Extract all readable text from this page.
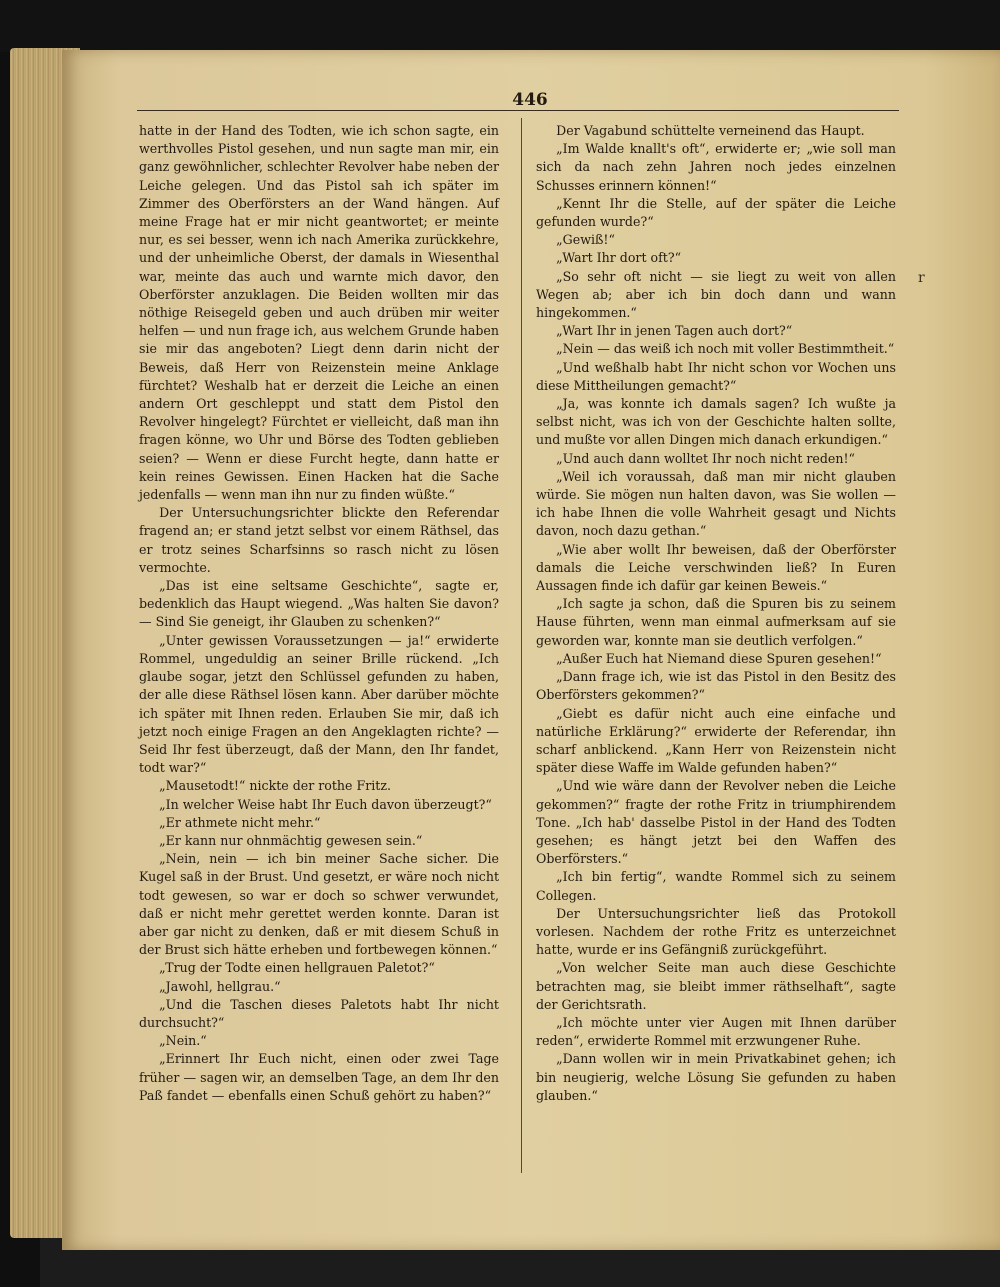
446
r

hatte in der Hand des Todten, wie ich schon sagte, ein werthvolles Pistol gesehen, und nun sagte man mir, ein ganz gewöhnlicher, schlechter Revolver habe neben der Leiche gelegen. Und das Pistol sah ich später im Zimmer des Oberförsters an der Wand hängen. Auf meine Frage hat er mir nicht geantwortet; er meinte nur, es sei besser, wenn ich nach Amerika zurückkehre, und der unheimliche Oberst, der damals in Wiesenthal war, meinte das auch und warnte mich davor, den Oberförster anzuklagen. Die Beiden wollten mir das nöthige Reisegeld geben und auch drüben mir weiter helfen — und nun frage ich, aus welchem Grunde haben sie mir das angeboten? Liegt denn darin nicht der Beweis, daß Herr von Reizenstein meine Anklage fürchtet? Weshalb hat er derzeit die Leiche an einen andern Ort geschleppt und statt dem Pistol den Revolver hingelegt? Fürchtet er vielleicht, daß man ihn fragen könne, wo Uhr und Börse des Todten geblieben seien? — Wenn er diese Furcht hegte, dann hatte er kein reines Gewissen. Einen Hacken hat die Sache jedenfalls — wenn man ihn nur zu finden wüßte.“

Der Untersuchungsrichter blickte den Referendar fragend an; er stand jetzt selbst vor einem Räthsel, das er trotz seines Scharfsinns so rasch nicht zu lösen vermochte.

„Das ist eine seltsame Geschichte“, sagte er, bedenklich das Haupt wiegend. „Was halten Sie davon? — Sind Sie geneigt, ihr Glauben zu schenken?“

„Unter gewissen Voraussetzungen — ja!“ erwiderte Rommel, ungeduldig an seiner Brille rückend. „Ich glaube sogar, jetzt den Schlüssel gefunden zu haben, der alle diese Räthsel lösen kann. Aber darüber möchte ich später mit Ihnen reden. Erlauben Sie mir, daß ich jetzt noch einige Fragen an den Angeklagten richte? — Seid Ihr fest überzeugt, daß der Mann, den Ihr fandet, todt war?“

„Mausetodt!“ nickte der rothe Fritz.

„In welcher Weise habt Ihr Euch davon überzeugt?“

„Er athmete nicht mehr.“

„Er kann nur ohnmächtig gewesen sein.“

„Nein, nein — ich bin meiner Sache sicher. Die Kugel saß in der Brust. Und gesetzt, er wäre noch nicht todt gewesen, so war er doch so schwer verwundet, daß er nicht mehr gerettet werden konnte. Daran ist aber gar nicht zu denken, daß er mit diesem Schuß in der Brust sich hätte erheben und fortbewegen können.“

„Trug der Todte einen hellgrauen Paletot?“

„Jawohl, hellgrau.“

„Und die Taschen dieses Paletots habt Ihr nicht durchsucht?“

„Nein.“

„Erinnert Ihr Euch nicht, einen oder zwei Tage früher — sagen wir, an demselben Tage, an dem Ihr den Paß fandet — ebenfalls einen Schuß gehört zu haben?“

Der Vagabund schüttelte verneinend das Haupt.

„Im Walde knallt's oft“, erwiderte er; „wie soll man sich da nach zehn Jahren noch jedes einzelnen Schusses erinnern können!“

„Kennt Ihr die Stelle, auf der später die Leiche gefunden wurde?“

„Gewiß!“

„Wart Ihr dort oft?“

„So sehr oft nicht — sie liegt zu weit von allen Wegen ab; aber ich bin doch dann und wann hingekommen.“

„Wart Ihr in jenen Tagen auch dort?“

„Nein — das weiß ich noch mit voller Bestimmtheit.“

„Und weßhalb habt Ihr nicht schon vor Wochen uns diese Mittheilungen gemacht?“

„Ja, was konnte ich damals sagen? Ich wußte ja selbst nicht, was ich von der Geschichte halten sollte, und mußte vor allen Dingen mich danach erkundigen.“

„Und auch dann wolltet Ihr noch nicht reden!“

„Weil ich voraussah, daß man mir nicht glauben würde. Sie mögen nun halten davon, was Sie wollen — ich habe Ihnen die volle Wahrheit gesagt und Nichts davon, noch dazu gethan.“

„Wie aber wollt Ihr beweisen, daß der Oberförster damals die Leiche verschwinden ließ? In Euren Aussagen finde ich dafür gar keinen Beweis.“

„Ich sagte ja schon, daß die Spuren bis zu seinem Hause führten, wenn man einmal aufmerksam auf sie geworden war, konnte man sie deutlich verfolgen.“

„Außer Euch hat Niemand diese Spuren gesehen!“

„Dann frage ich, wie ist das Pistol in den Besitz des Oberförsters gekommen?“

„Giebt es dafür nicht auch eine einfache und natürliche Erklärung?“ erwiderte der Referendar, ihn scharf anblickend. „Kann Herr von Reizenstein nicht später diese Waffe im Walde gefunden haben?“

„Und wie wäre dann der Revolver neben die Leiche gekommen?“ fragte der rothe Fritz in triumphirendem Tone. „Ich hab' dasselbe Pistol in der Hand des Todten gesehen; es hängt jetzt bei den Waffen des Oberförsters.“

„Ich bin fertig“, wandte Rommel sich zu seinem Collegen.

Der Untersuchungsrichter ließ das Protokoll vorlesen. Nachdem der rothe Fritz es unterzeichnet hatte, wurde er ins Gefängniß zurückgeführt.

„Von welcher Seite man auch diese Geschichte betrachten mag, sie bleibt immer räthselhaft“, sagte der Gerichtsrath.

„Ich möchte unter vier Augen mit Ihnen darüber reden“, erwiderte Rommel mit erzwungener Ruhe.

„Dann wollen wir in mein Privatkabinet gehen; ich bin neugierig, welche Lösung Sie gefunden zu haben glauben.“
